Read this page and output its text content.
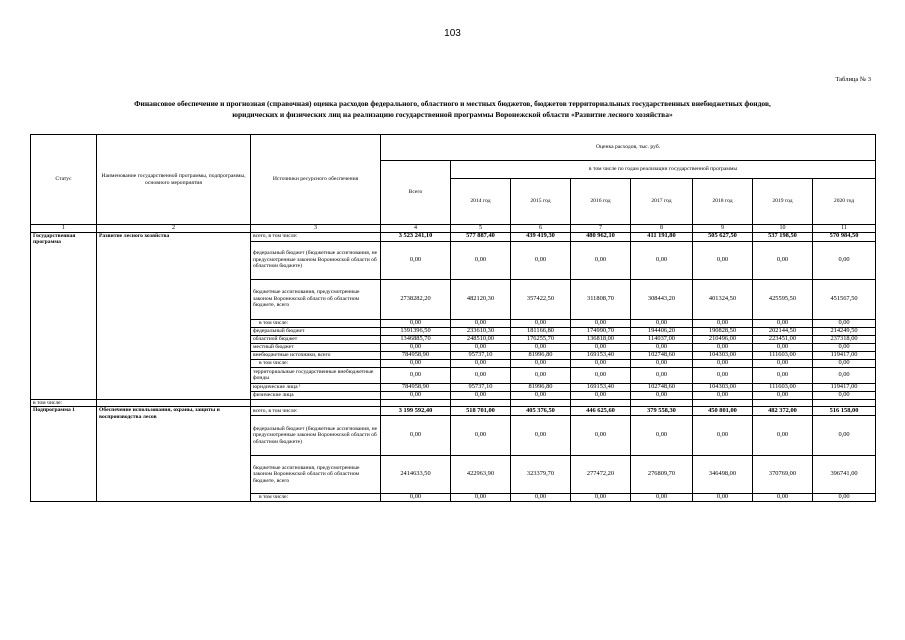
103
Таблица № 3
Финансовое обеспечение и прогнозная (справочная) оценка расходов федерального, областного и местных бюджетов, бюджетов территориальных государственных внебюджетных фондов,
юридических и физических лиц на реализацию государственной программы Воронежской области «Развитие лесного хозяйства»
Статус	Наименование государственной программы, подпрограммы, основного мероприятия	Источники ресурсного обеспечения	Оценка расходов, тыс. руб.							
			Всего	в том числе по годам реализации государственной программы						
				2014 год	2015 год	2016 год	2017 год	2018 год	2019 год	2020 год
1	2	3	4	5	6	7	8	9	10	11
Государственная программа	Развитие лесного хозяйства	всего, в том числе:	3 523 241,10	577 887,40	439 419,30	480 962,10	411 191,80	505 627,50	537 198,50	570 984,50
		федеральный бюджет (бюджетные ассигнования, не предусмотренные законом Воронежской области об областном бюджете)	0,00	0,00	0,00	0,00	0,00	0,00	0,00	0,00
		бюджетные ассигнования, предусмотренные законом Воронежской области об областном бюджете, всего	2738282,20	482120,30	357422,50	311808,70	308443,20	401324,50	425595,50	451567,50
		в том числе:	0,00	0,00	0,00	0,00	0,00	0,00	0,00	0,00
		федеральный бюджет	1391396,50	233610,30	181166,80	174990,70	194406,20	190828,50	202144,50	214249,50
		областной бюджет	1346885,70	248510,00	176255,70	136818,00	114037,00	210496,00	223451,00	237318,00
		местный бюджет	0,00	0,00	0,00	0,00	0,00	0,00	0,00	0,00
		внебюджетные источники, всего	784958,90	95737,10	81996,80	169153,40	102748,60	104303,00	111603,00	119417,00
		в том числе:	0,00	0,00	0,00	0,00	0,00	0,00	0,00	0,00
		территориальные государственные внебюджетные фонды	0,00	0,00	0,00	0,00	0,00	0,00	0,00	0,00
		юридические лица ¹	784958,90	95737,10	81996,80	169153,40	102748,60	104303,00	111603,00	119417,00
		физические лица	0,00	0,00	0,00	0,00	0,00	0,00	0,00	0,00
в том числе:										
Подпрограмма 1	Обеспечение использования, охраны, защиты и воспроизводства лесов	всего, в том числе:	3 199 592,40	518 701,00	405 376,50	446 625,60	379 558,30	450 801,00	482 372,00	516 158,00
		федеральный бюджет (бюджетные ассигнования, не предусмотренные законом Воронежской области об областном бюджете)	0,00	0,00	0,00	0,00	0,00	0,00	0,00	0,00
		бюджетные ассигнования, предусмотренные законом Воронежской области об областном бюджете, всего	2414633,50	422963,90	323379,70	277472,20	276809,70	346498,00	370769,00	396741,00
		в том числе:	0,00	0,00	0,00	0,00	0,00	0,00	0,00	0,00
